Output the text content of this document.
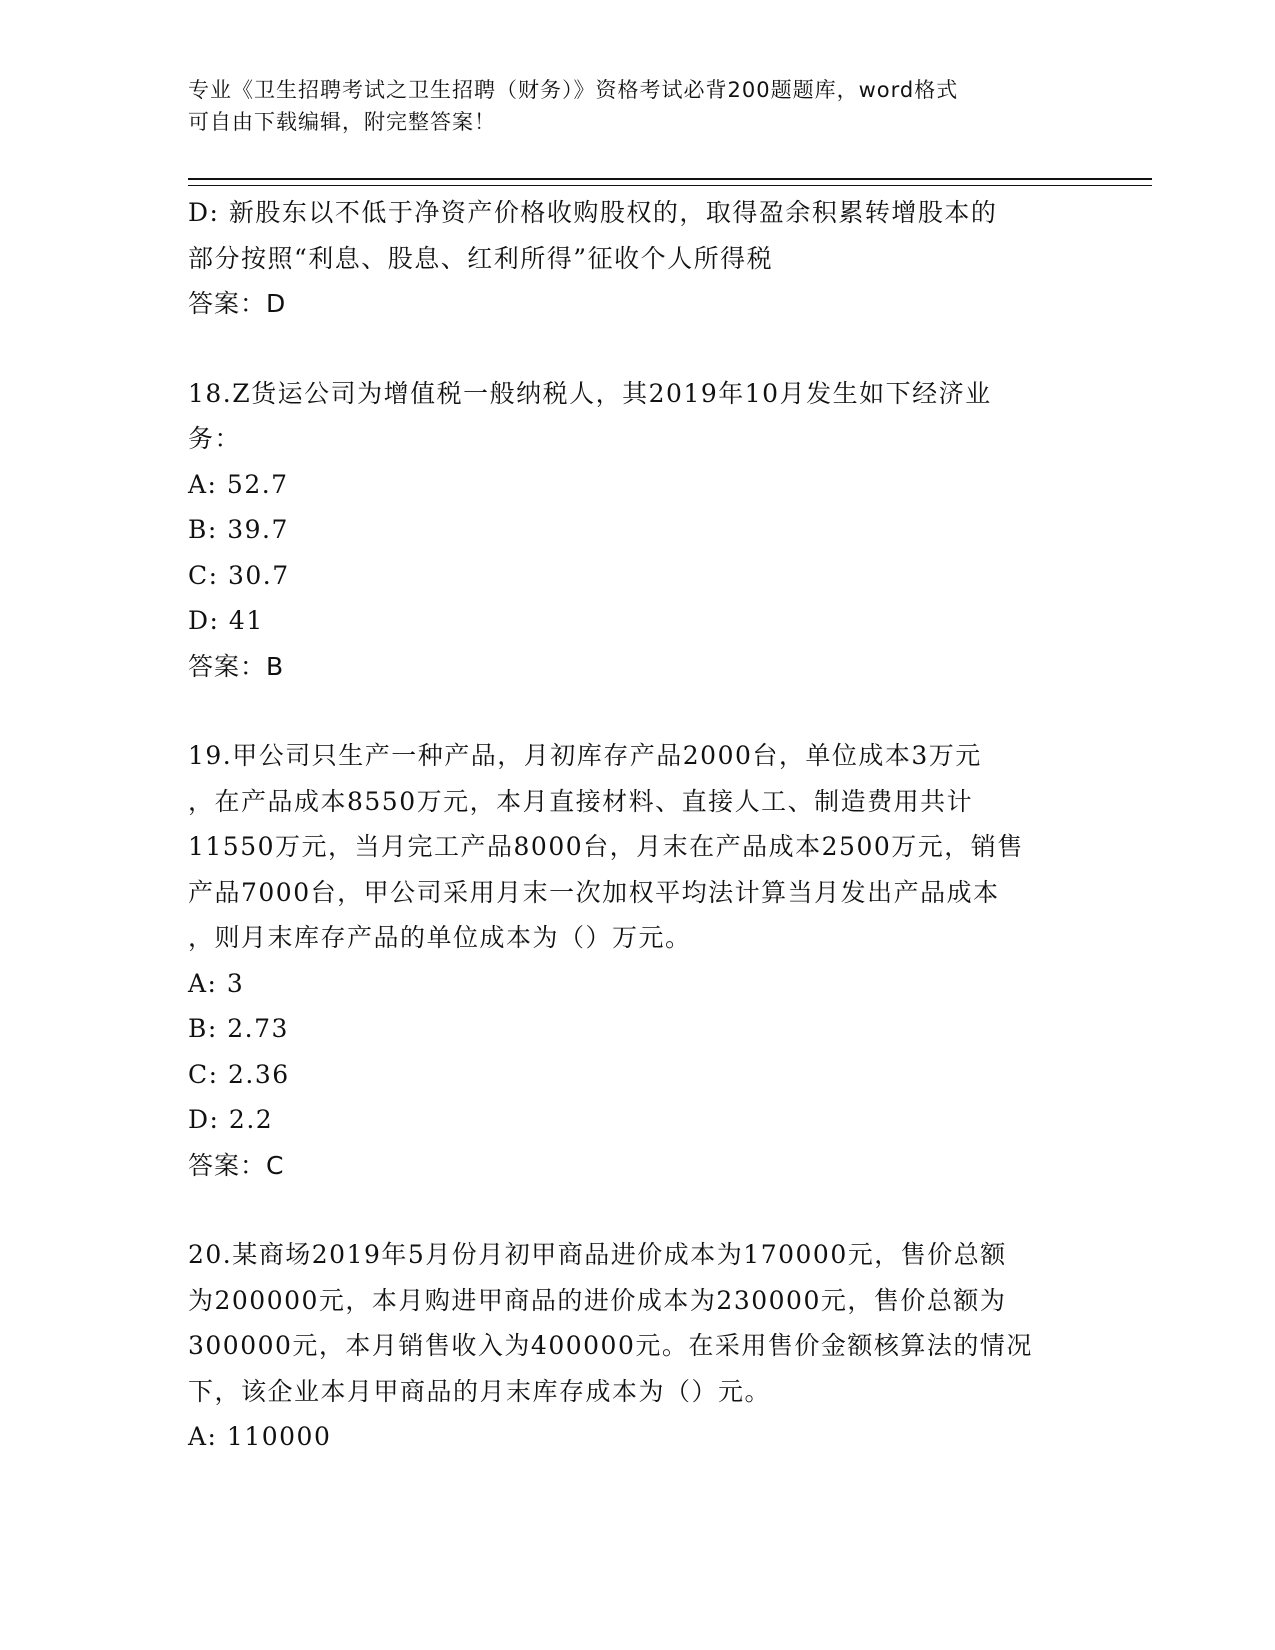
专业《卫生招聘考试之卫生招聘（财务）》资格考试必背200题题库，word格式
可自由下载编辑，附完整答案！
D: 新股东以不低于净资产价格收购股权的，取得盈余积累转增股本的
部分按照“利息、股息、红利所得”征收个人所得税
答案：D
18.Z货运公司为增值税一般纳税人，其2019年10月发生如下经济业
务：
A: 52.7
B: 39.7
C: 30.7
D: 41
答案：B
19.甲公司只生产一种产品，月初库存产品2000台，单位成本3万元
，在产品成本8550万元，本月直接材料、直接人工、制造费用共计
11550万元，当月完工产品8000台，月末在产品成本2500万元，销售
产品7000台，甲公司采用月末一次加权平均法计算当月发出产品成本
，则月末库存产品的单位成本为（）万元。
A: 3
B: 2.73
C: 2.36
D: 2.2
答案：C
20.某商场2019年5月份月初甲商品进价成本为170000元，售价总额
为200000元，本月购进甲商品的进价成本为230000元，售价总额为
300000元，本月销售收入为400000元。在采用售价金额核算法的情况
下，该企业本月甲商品的月末库存成本为（）元。
A: 110000
